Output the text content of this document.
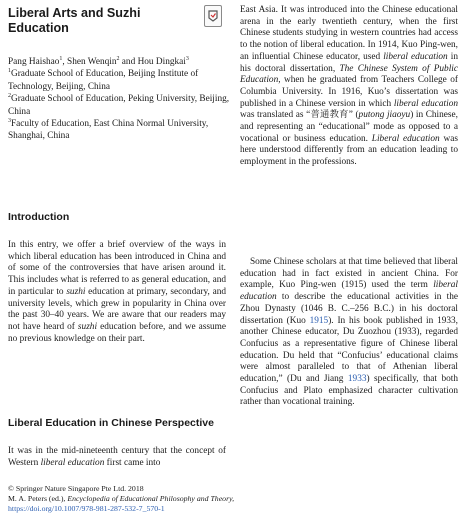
Liberal Arts and Suzhi Education

Pang Haishao$^1$, Shen Wenqin$^2$ and Hou Dingkai$^3$

$^1$Graduate School of Education, Beijing Institute of Technology, Beijing, China

$^2$Graduate School of Education, Peking University, Beijing, China

$^3$Faculty of Education, East China Normal University, Shanghai, China

Introduction

In this entry, we offer a brief overview of the ways in which liberal education has been introduced in China and of some of the controversies that have arisen around it. This includes what is referred to as general education, and in particular to suzhi education at primary, secondary, and university levels, which grew in popularity in China over the past 30–40 years. We are aware that our readers may not have heard of suzhi education before, and we assume no previous knowledge on their part.

Liberal Education in Chinese Perspective

It was in the mid-nineteenth century that the concept of Western liberal education first came into

East Asia. It was introduced into the Chinese educational arena in the early twentieth century, when the first Chinese students studying in western countries had access to the notion of liberal education. In 1914, Kuo Ping-wen, an influential Chinese educator, used liberal education in his doctoral dissertation, The Chinese System of Public Education, when he graduated from Teachers College of Columbia University. In 1916, Kuo’s dissertation was published in a Chinese version in which liberal education was translated as “普通教育” (putong jiaoyu) in Chinese, and representing an “educational” mode as opposed to a vocational or business education. Liberal education was here understood differently from an education leading to employment in the professions.

Some Chinese scholars at that time believed that liberal education had in fact existed in ancient China. For example, Kuo Ping-wen (1915) used the term liberal education to describe the educational activities in the Zhou Dynasty (1046 B. C.–256 B.C.) in his doctoral dissertation (Kuo 1915). In his book published in 1933, another Chinese educator, Du Zuozhou (1933), regarded Confucius as a representative figure of Chinese liberal education. Du held that “Confucius’ educational claims were almost paralleled to that of Athenian liberal education,” (Du and Jiang 1933) specifically, that both Confucius and Plato emphasized character cultivation rather than vocational training.

© Springer Nature Singapore Pte Ltd. 2018

M. A. Peters (ed.), Encyclopedia of Educational Philosophy and Theory,

https://doi.org/10.1007/978-981-287-532-7_570-1
